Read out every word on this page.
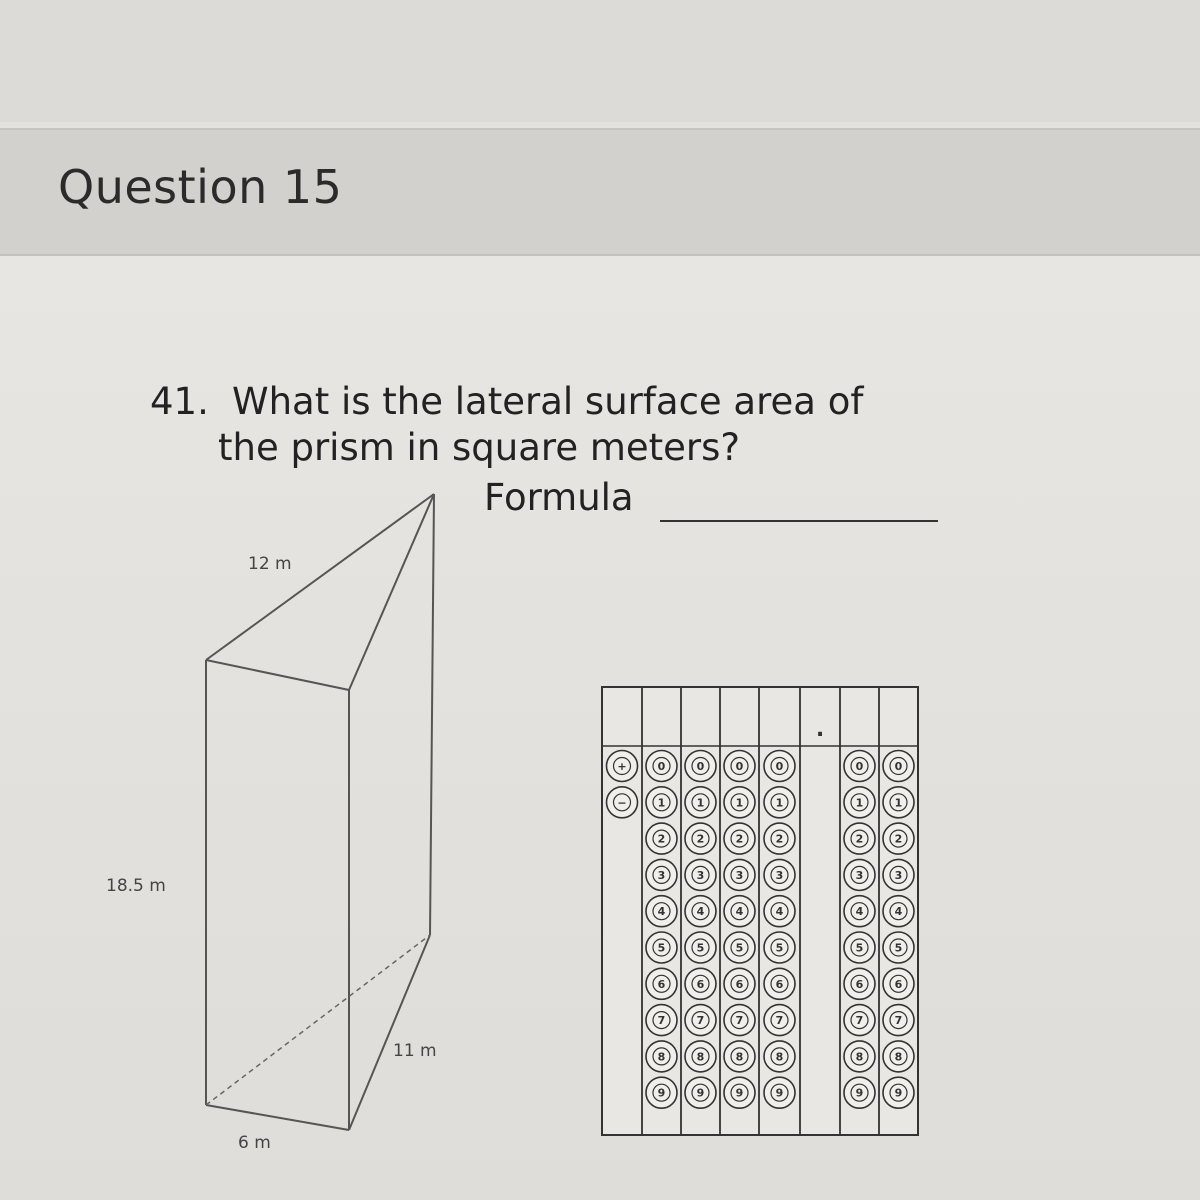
Question 15
41. What is the lateral surface area of
the prism in square meters?
Formula
12 m
18.5 m
11 m
6 m
.
+
−
0
1
2
3
4
5
6
7
8
9
0
1
2
3
4
5
6
7
8
9
0
1
2
3
4
5
6
7
8
9
0
1
2
3
4
5
6
7
8
9
0
1
2
3
4
5
6
7
8
9
0
1
2
3
4
5
6
7
8
9
